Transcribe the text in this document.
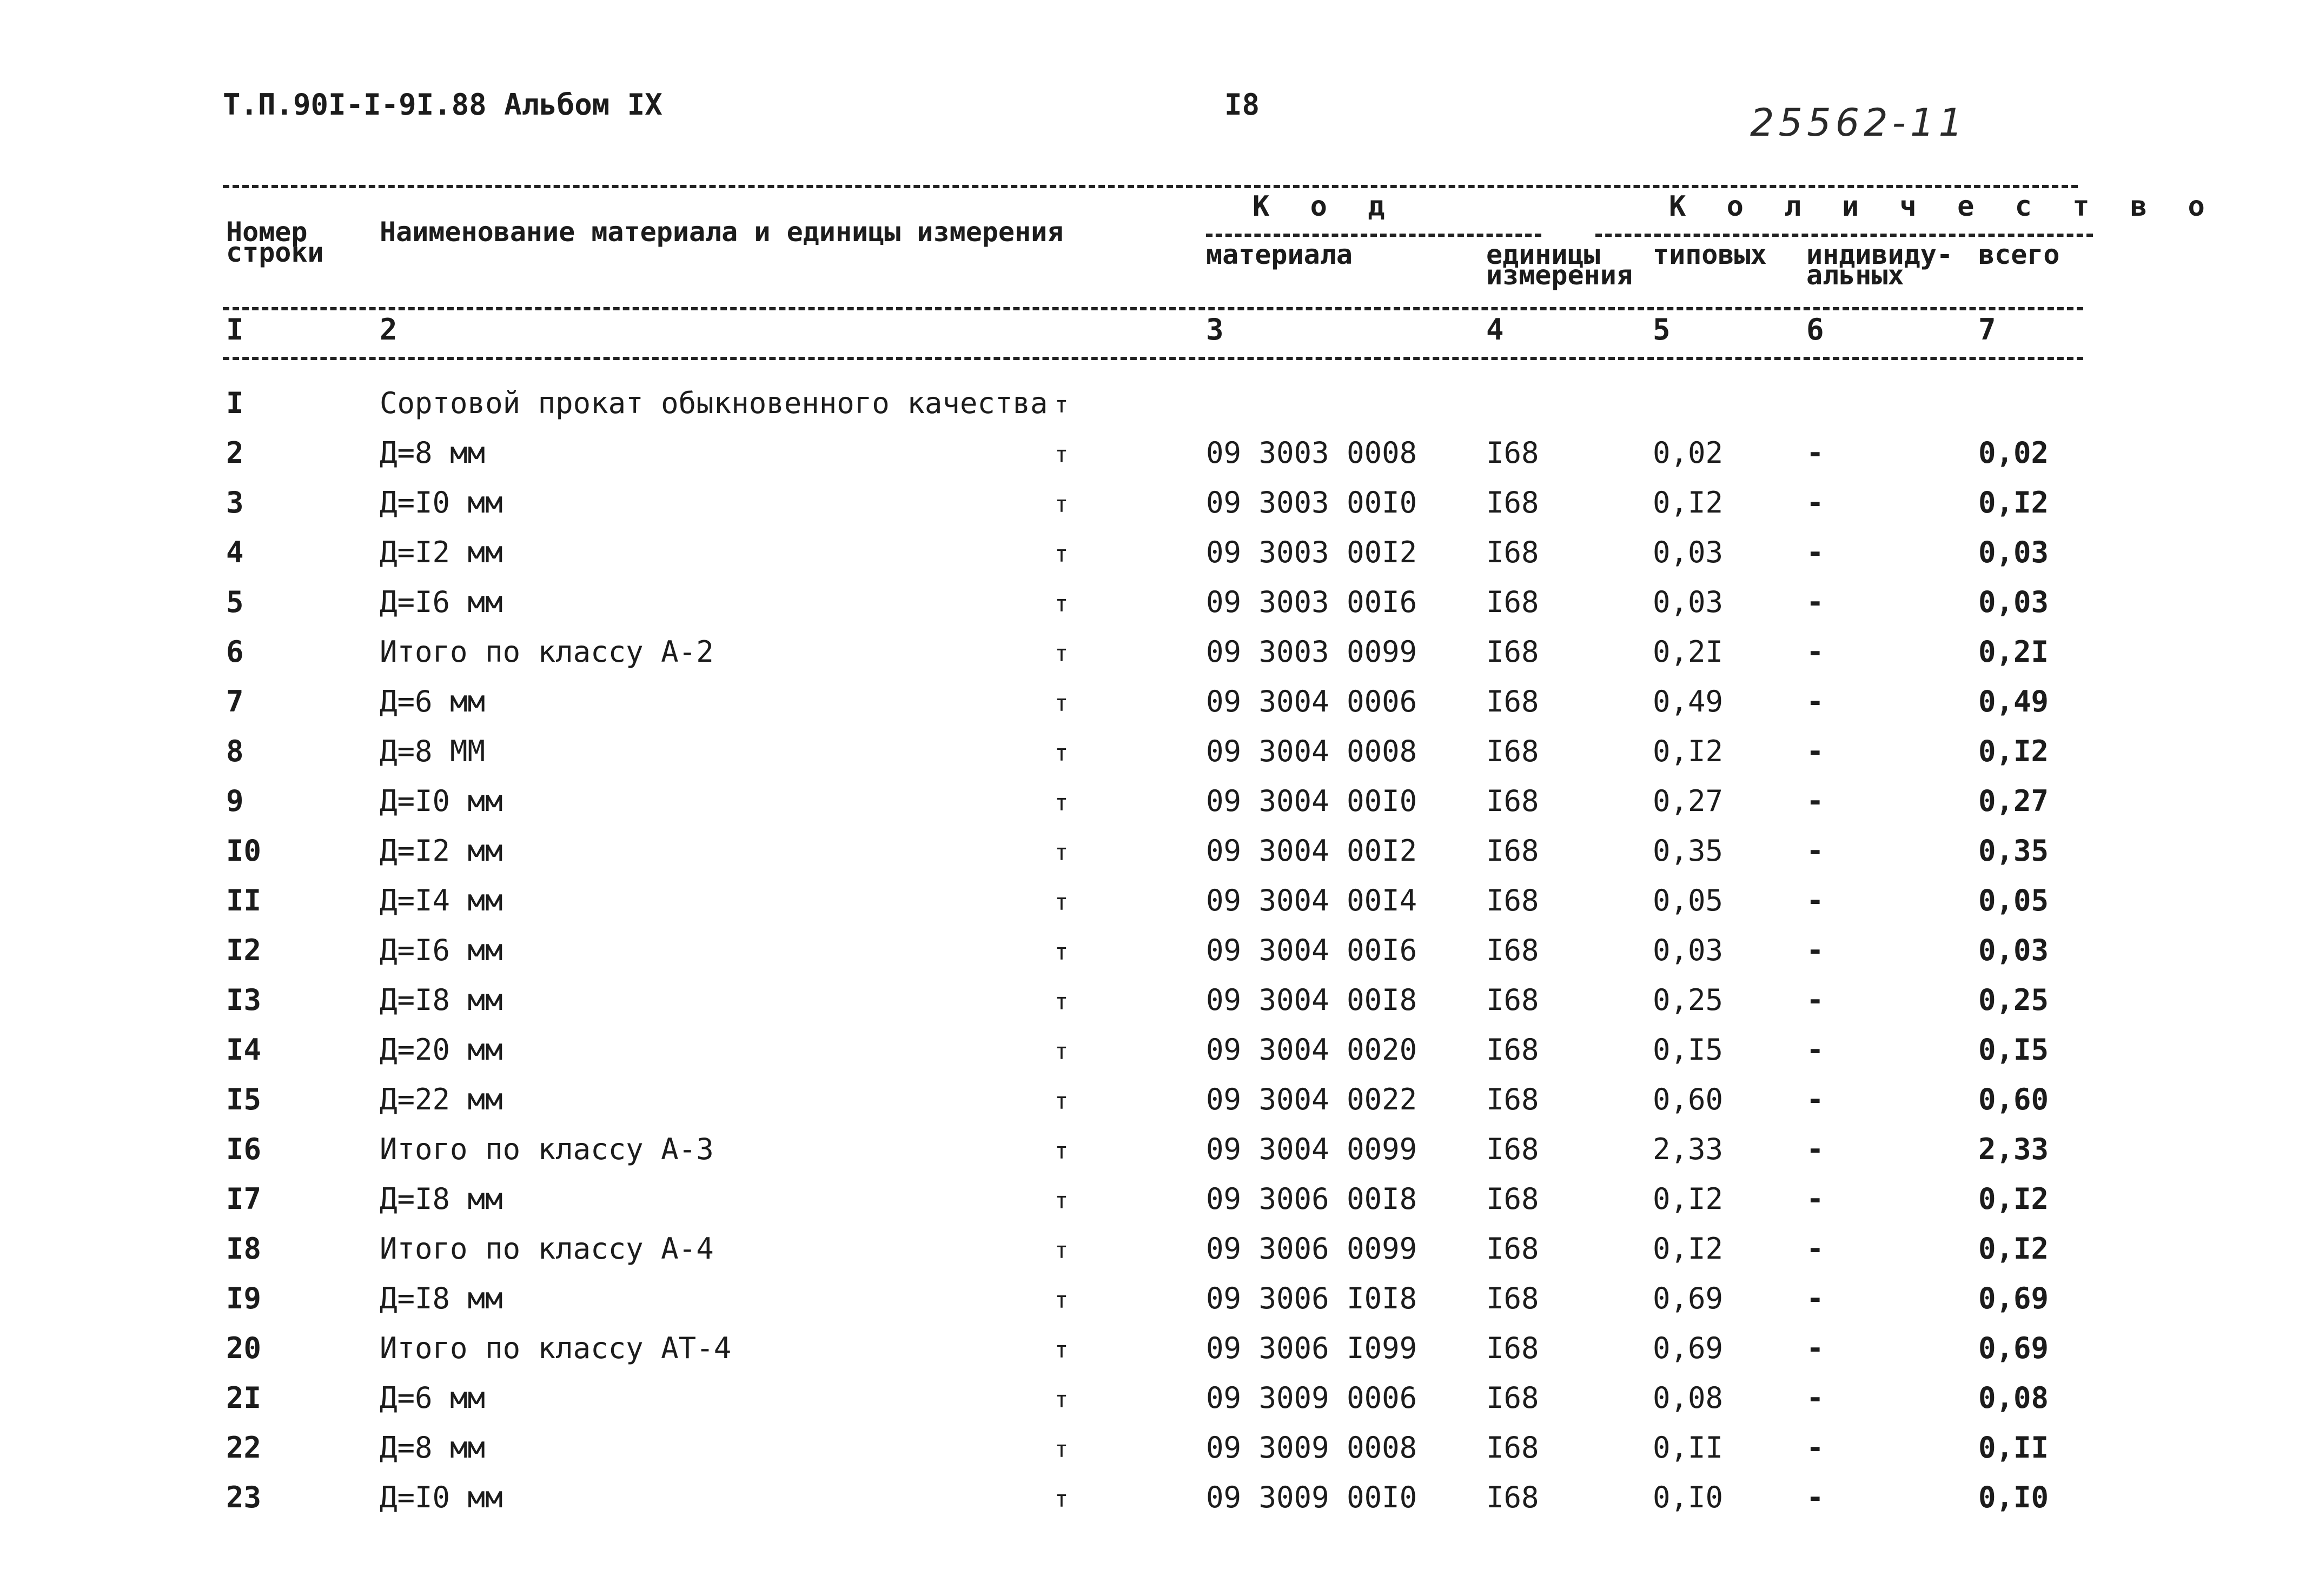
Т.П.90I-I-9I.88 Альбом IX	I8	25562-11
Номер строки
Наименование материала и единицы измерения
К о д
материала	единицы измерения
К о л и ч е с т в о
типовых индивиду-альных
всего
I	2	3	4	5	6	7
I	Сортовой прокат обыкновенного качества т
2	Д=8 мм	т	09 3003 0008 I68	0,02	-	0,02
3	Д=I0 мм	т	09 3003 00I0 I68	0,I2	-	0,I2
4	Д=I2 мм	т	09 3003 00I2 I68	0,03	-	0,03
5	Д=I6 мм	т	09 3003 00I6 I68	0,03	-	0,03
6	Итого по классу А-2	т	09 3003 0099 I68	0,2I	-	0,2I
7	Д=6 мм	т	09 3004 0006 I68	0,49	-	0,49
8	Д=8 ММ	т	09 3004 0008 I68	0,I2	-	0,I2
9	Д=I0 мм	т	09 3004 00I0 I68	0,27	-	0,27
I0	Д=I2 мм	т	09 3004 00I2 I68	0,35	-	0,35
II	Д=I4 мм	т	09 3004 00I4 I68	0,05	-	0,05
I2	Д=I6 мм	т	09 3004 00I6 I68	0,03	-	0,03
I3	Д=I8 мм	т	09 3004 00I8 I68	0,25	-	0,25
I4	Д=20 мм	т	09 3004 0020 I68	0,I5	-	0,I5
I5	Д=22 мм	т	09 3004 0022 I68	0,60	-	0,60
I6	Итого по классу А-3	т	09 3004 0099 I68	2,33	-	2,33
I7	Д=I8 мм	т	09 3006 00I8 I68	0,I2	-	0,I2
I8	Итого по классу А-4	т	09 3006 0099 I68	0,I2	-	0,I2
I9	Д=I8 мм	т	09 3006 I0I8 I68	0,69	-	0,69
20	Итого по классу АТ-4	т	09 3006 I099 I68	0,69	-	0,69
2I	Д=6 мм	т	09 3009 0006 I68	0,08	-	0,08
22	Д=8 мм	т	09 3009 0008 I68	0,II	-	0,II
23	Д=I0 мм	т	09 3009 00I0 I68	0,I0	-	0,I0
